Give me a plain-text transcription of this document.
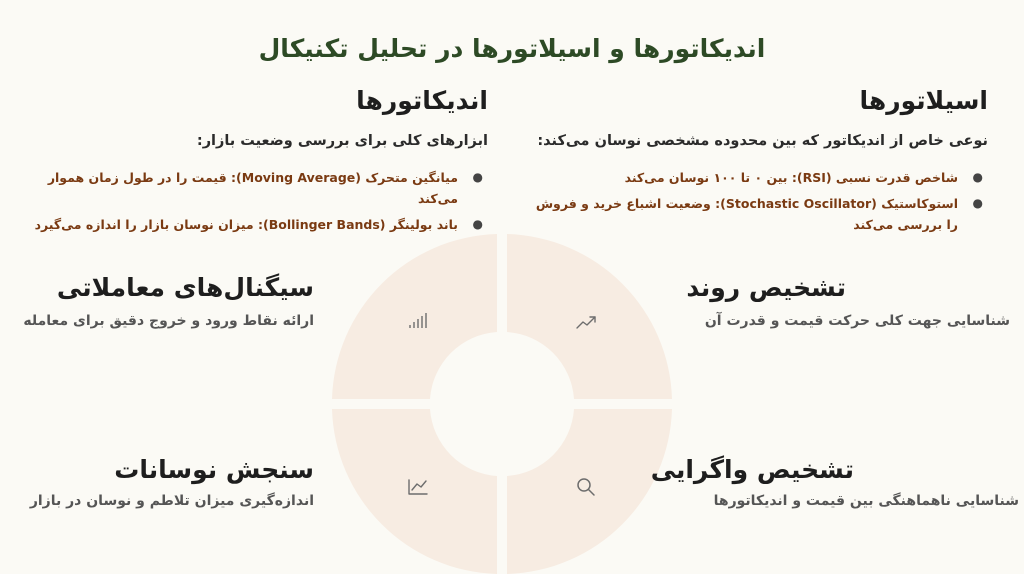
اندیکاتورها و اسیلاتورها در تحلیل تکنیکال
اسیلاتورها

نوعی خاص از اندیکاتور که بین محدوده مشخصی نوسان می‌کند:

●
شاخص قدرت نسبی (RSI): بین ۰ تا ۱۰۰ نوسان می‌کند
●
استوکاستیک (Stochastic Oscillator): وضعیت اشباع خرید و فروش را بررسی می‌کند
اندیکاتورها

ابزارهای کلی برای بررسی وضعیت بازار:

●
میانگین متحرک (Moving Average): قیمت را در طول زمان هموار می‌کند
●
باند بولینگر (Bollinger Bands): میزان نوسان بازار را اندازه می‌گیرد
تشخیص روند

شناسایی جهت کلی حرکت قیمت و قدرت آن

سیگنال‌های معاملاتی

ارائه نقاط ورود و خروج دقیق برای معامله

تشخیص واگرایی

شناسایی ناهماهنگی بین قیمت و اندیکاتورها

سنجش نوسانات

اندازه‌گیری میزان تلاطم و نوسان در بازار
